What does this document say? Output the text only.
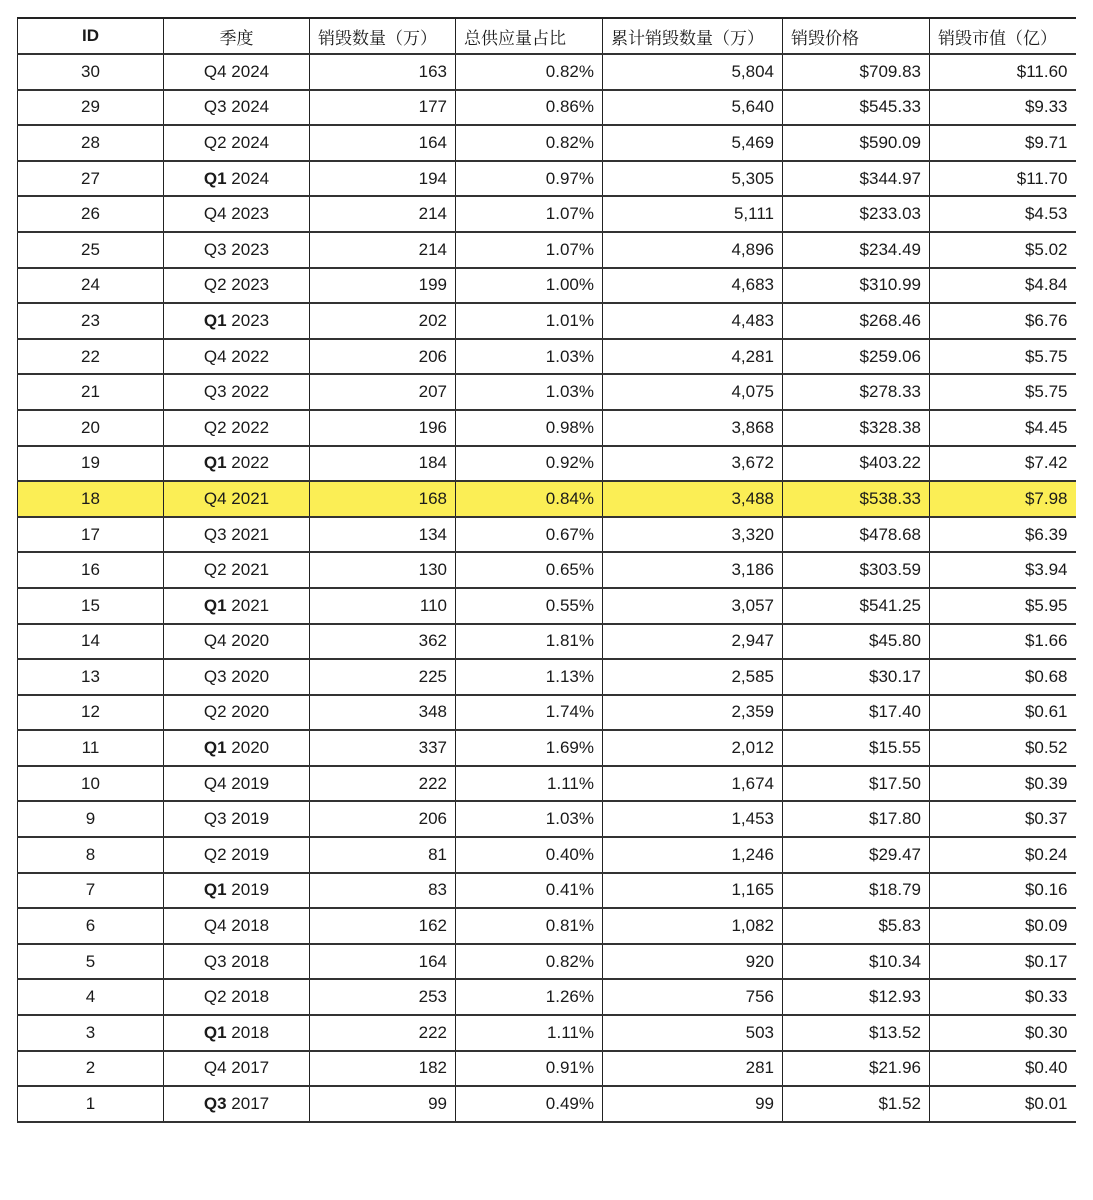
ID	季度	销毁数量（万）	总供应量占比	累计销毁数量（万）	销毁价格	销毁市值（亿）
30	Q4 2024	163	0.82%	5,804	$709.83	$11.60
29	Q3 2024	177	0.86%	5,640	$545.33	$9.33
28	Q2 2024	164	0.82%	5,469	$590.09	$9.71
27	Q1 2024	194	0.97%	5,305	$344.97	$11.70
26	Q4 2023	214	1.07%	5,111	$233.03	$4.53
25	Q3 2023	214	1.07%	4,896	$234.49	$5.02
24	Q2 2023	199	1.00%	4,683	$310.99	$4.84
23	Q1 2023	202	1.01%	4,483	$268.46	$6.76
22	Q4 2022	206	1.03%	4,281	$259.06	$5.75
21	Q3 2022	207	1.03%	4,075	$278.33	$5.75
20	Q2 2022	196	0.98%	3,868	$328.38	$4.45
19	Q1 2022	184	0.92%	3,672	$403.22	$7.42
18	Q4 2021	168	0.84%	3,488	$538.33	$7.98
17	Q3 2021	134	0.67%	3,320	$478.68	$6.39
16	Q2 2021	130	0.65%	3,186	$303.59	$3.94
15	Q1 2021	110	0.55%	3,057	$541.25	$5.95
14	Q4 2020	362	1.81%	2,947	$45.80	$1.66
13	Q3 2020	225	1.13%	2,585	$30.17	$0.68
12	Q2 2020	348	1.74%	2,359	$17.40	$0.61
11	Q1 2020	337	1.69%	2,012	$15.55	$0.52
10	Q4 2019	222	1.11%	1,674	$17.50	$0.39
9	Q3 2019	206	1.03%	1,453	$17.80	$0.37
8	Q2 2019	81	0.40%	1,246	$29.47	$0.24
7	Q1 2019	83	0.41%	1,165	$18.79	$0.16
6	Q4 2018	162	0.81%	1,082	$5.83	$0.09
5	Q3 2018	164	0.82%	920	$10.34	$0.17
4	Q2 2018	253	1.26%	756	$12.93	$0.33
3	Q1 2018	222	1.11%	503	$13.52	$0.30
2	Q4 2017	182	0.91%	281	$21.96	$0.40
1	Q3 2017	99	0.49%	99	$1.52	$0.01
